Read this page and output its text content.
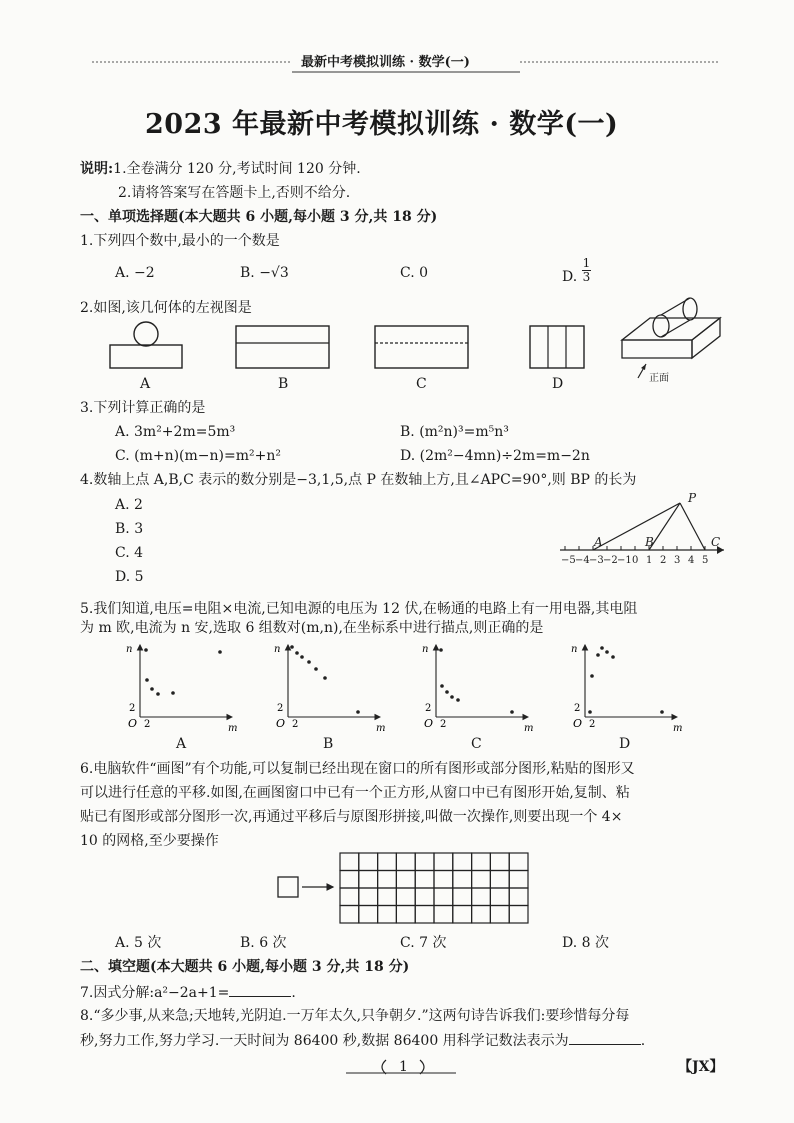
最新中考模拟训练 · 数学(一)
2023 年最新中考模拟训练 · 数学(一)
说明:1.全卷满分 120 分,考试时间 120 分钟.
2.请将答案写在答题卡上,否则不给分.
一、单项选择题(本大题共 6 小题,每小题 3 分,共 18 分)
1.下列四个数中,最小的一个数是
A. −2	B. −√3	C. 0	D. $\frac{1}{3}$
2.如图,该几何体的左视图是
A	B	C	D	正面
3.下列计算正确的是
A. 3m²+2m=5m³	B. (m²n)³=m⁵n³
C. (m+n)(m−n)=m²+n²	D. (2m²−4mn)÷2m=m−2n
4.数轴上点 A,B,C 表示的数分别是−3,1,5,点 P 在数轴上方,且∠APC=90°,则 BP 的长为
A. 2
B. 3
C. 4
D. 5
−5 −4 −3 −2 −1 0 1 2 3 4 5
A	B	C
P
5.我们知道,电压=电阻×电流,已知电源的电压为 12 伏,在畅通的电路上有一用电器,其电阻
为 m 欧,电流为 n 安,选取 6 组数对(m,n),在坐标系中进行描点,则正确的是
n
m
O 2
2
n
m
O 2
2
n
m
O 2
2
n
m
O 2
2
A	B	C	D
6.电脑软件“画图”有个功能,可以复制已经出现在窗口的所有图形或部分图形,粘贴的图形又
可以进行任意的平移.如图,在画图窗口中已有一个正方形,从窗口中已有图形开始,复制、粘
贴已有图形或部分图形一次,再通过平移后与原图形拼接,叫做一次操作,则要出现一个 4×
10 的网格,至少要操作
A. 5 次	B. 6 次	C. 7 次	D. 8 次
二、填空题(本大题共 6 小题,每小题 3 分,共 18 分)
7.因式分解:a²−2a+1=	.
8.“多少事,从来急;天地转,光阴迫.一万年太久,只争朝夕.”这两句诗告诉我们:要珍惜每分每
秒,努力工作,努力学习.一天时间为 86400 秒,数据 86400 用科学记数法表示为	.
1	【JX】
